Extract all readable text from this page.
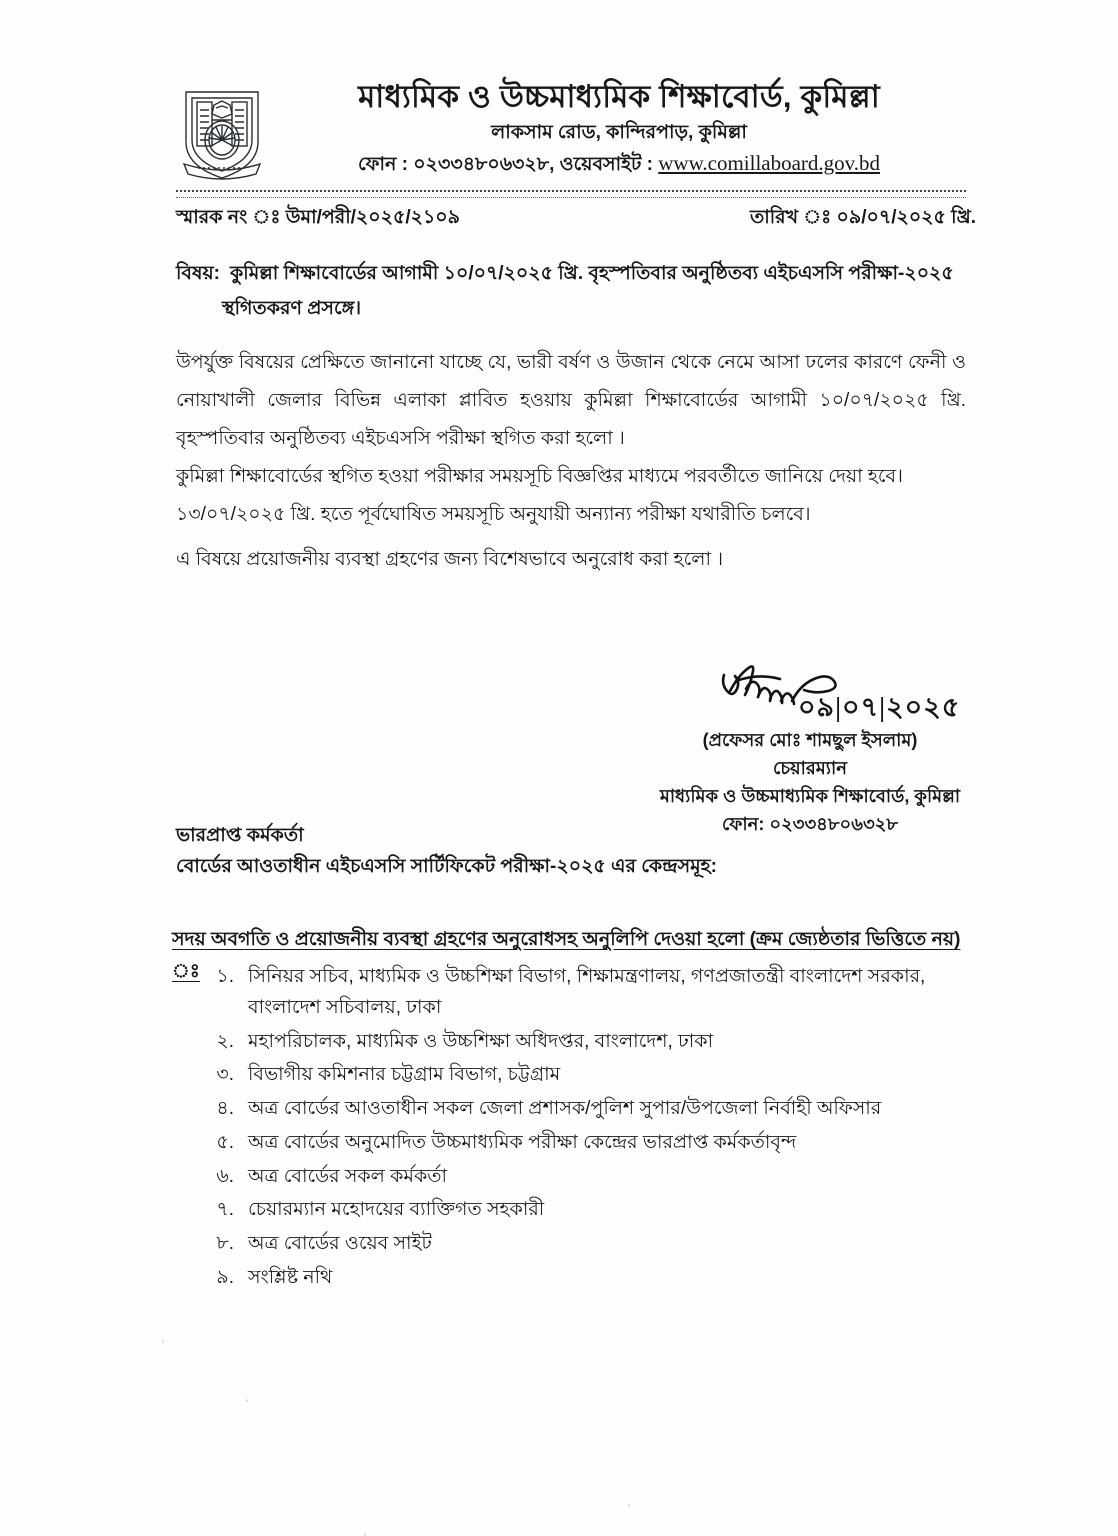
মাধ্যমিক ও উচ্চমাধ্যমিক শিক্ষাবোর্ড, কুমিল্লা
লাকসাম রোড, কান্দিরপাড়, কুমিল্লা
ফোন : ০২৩৩৪৮০৬৩২৮, ওয়েবসাইট : www.comillaboard.gov.bd
স্মারক নং ঃ উমা/পরী/২০২৫/২১০৯	তারিখ ঃ ০৯/০৭/২০২৫ খ্রি.
বিষয়: কুমিল্লা শিক্ষাবোর্ডের আগামী ১০/০৭/২০২৫ খ্রি. বৃহস্পতিবার অনুষ্ঠিতব্য এইচএসসি পরীক্ষা-২০২৫
স্থগিতকরণ প্রসঙ্গে।

উপর্যুক্ত বিষয়ের প্রেক্ষিতে জানানো যাচ্ছে যে, ভারী বর্ষণ ও উজান থেকে নেমে আসা ঢলের কারণে ফেনী ও নোয়াখালী জেলার বিভিন্ন এলাকা প্লাবিত হওয়ায় কুমিল্লা শিক্ষাবোর্ডের আগামী ১০/০৭/২০২৫ খ্রি. বৃহস্পতিবার অনুষ্ঠিতব্য এইচএসসি পরীক্ষা স্থগিত করা হলো ।

কুমিল্লা শিক্ষাবোর্ডের স্থগিত হওয়া পরীক্ষার সময়সূচি বিজ্ঞপ্তির মাধ্যমে পরবর্তীতে জানিয়ে দেয়া হবে।

১৩/০৭/২০২৫ খ্রি. হতে পূর্বঘোষিত সময়সূচি অনুযায়ী অন্যান্য পরীক্ষা যথারীতি চলবে।

এ বিষয়ে প্রয়োজনীয় ব্যবস্থা গ্রহণের জন্য বিশেষভাবে অনুরোধ করা হলো ।
০৯|০৭|২০২৫
(প্রফেসর মোঃ শামছুল ইসলাম)
চেয়ারম্যান
মাধ্যমিক ও উচ্চমাধ্যমিক শিক্ষাবোর্ড, কুমিল্লা
ফোন: ০২৩৩৪৮০৬৩২৮
ভারপ্রাপ্ত কর্মকর্তা
বোর্ডের আওতাধীন এইচএসসি সার্টিফিকেট পরীক্ষা-২০২৫ এর কেন্দ্রসমূহ:
সদয় অবগতি ও প্রয়োজনীয় ব্যবস্থা গ্রহণের অনুরোধসহ অনুলিপি দেওয়া হলো (ক্রম জ্যেষ্ঠতার ভিত্তিতে নয়) ঃ ১. সিনিয়র সচিব, মাধ্যমিক ও উচ্চশিক্ষা বিভাগ, শিক্ষামন্ত্রণালয়, গণপ্রজাতন্ত্রী বাংলাদেশ সরকার, বাংলাদেশ সচিবালয়, ঢাকা
২. মহাপরিচালক, মাধ্যমিক ও উচ্চশিক্ষা অধিদপ্তর, বাংলাদেশ, ঢাকা
৩. বিভাগীয় কমিশনার চট্টগ্রাম বিভাগ, চট্টগ্রাম
৪. অত্র বোর্ডের আওতাধীন সকল জেলা প্রশাসক/পুলিশ সুপার/উপজেলা নির্বাহী অফিসার
৫. অত্র বোর্ডের অনুমোদিত উচ্চমাধ্যমিক পরীক্ষা কেন্দ্রের ভারপ্রাপ্ত কর্মকর্তাবৃন্দ
৬. অত্র বোর্ডের সকল কর্মকর্তা
৭. চেয়ারম্যান মহোদয়ের ব্যাক্তিগত সহকারী
৮. অত্র বোর্ডের ওয়েব সাইট
৯. সংশ্লিষ্ট নথি
